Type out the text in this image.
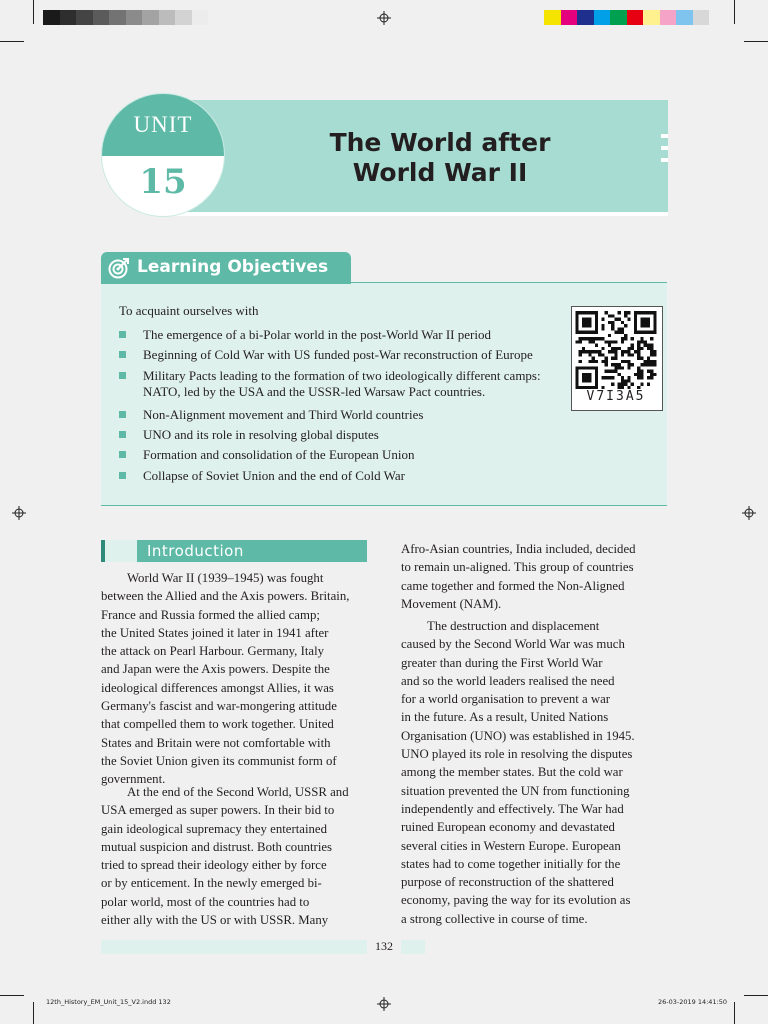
The World after
World War II
UNIT
15
Learning Objectives
To acquaint ourselves with
The emergence of a bi-Polar world in the post-World War II period
Beginning of Cold War with US funded post-War reconstruction of Europe
Military Pacts leading to the formation of two ideologically different camps:
NATO, led by the USA and the USSR-led Warsaw Pact countries.
Non-Alignment movement and Third World countries
UNO and its role in resolving global disputes
Formation and consolidation of the European Union
Collapse of Soviet Union and the end of Cold War
V7I3A5
Introduction
World War II (1939–1945) was fought
between the Allied and the Axis powers. Britain,
France and Russia formed the allied camp;
the United States joined it later in 1941 after
the attack on Pearl Harbour. Germany, Italy
and Japan were the Axis powers. Despite the
ideological differences amongst Allies, it was
Germany's fascist and war-mongering attitude
that compelled them to work together. United
States and Britain were not comfortable with
the Soviet Union given its communist form of
government.
At the end of the Second World, USSR and
USA emerged as super powers. In their bid to
gain ideological supremacy they entertained
mutual suspicion and distrust. Both countries
tried to spread their ideology either by force
or by enticement. In the newly emerged bi-
polar world, most of the countries had to
either ally with the US or with USSR. Many
Afro-Asian countries, India included, decided
to remain un-aligned. This group of countries
came together and formed the Non-Aligned
Movement (NAM).
The destruction and displacement
caused by the Second World War was much
greater than during the First World War
and so the world leaders realised the need
for a world organisation to prevent a war
in the future. As a result, United Nations
Organisation (UNO) was established in 1945.
UNO played its role in resolving the disputes
among the member states. But the cold war
situation prevented the UN from functioning
independently and effectively. The War had
ruined European economy and devastated
several cities in Western Europe. European
states had to come together initially for the
purpose of reconstruction of the shattered
economy, paving the way for its evolution as
a strong collective in course of time.
132
12th_History_EM_Unit_15_V2.indd 132	26-03-2019 14:41:50
